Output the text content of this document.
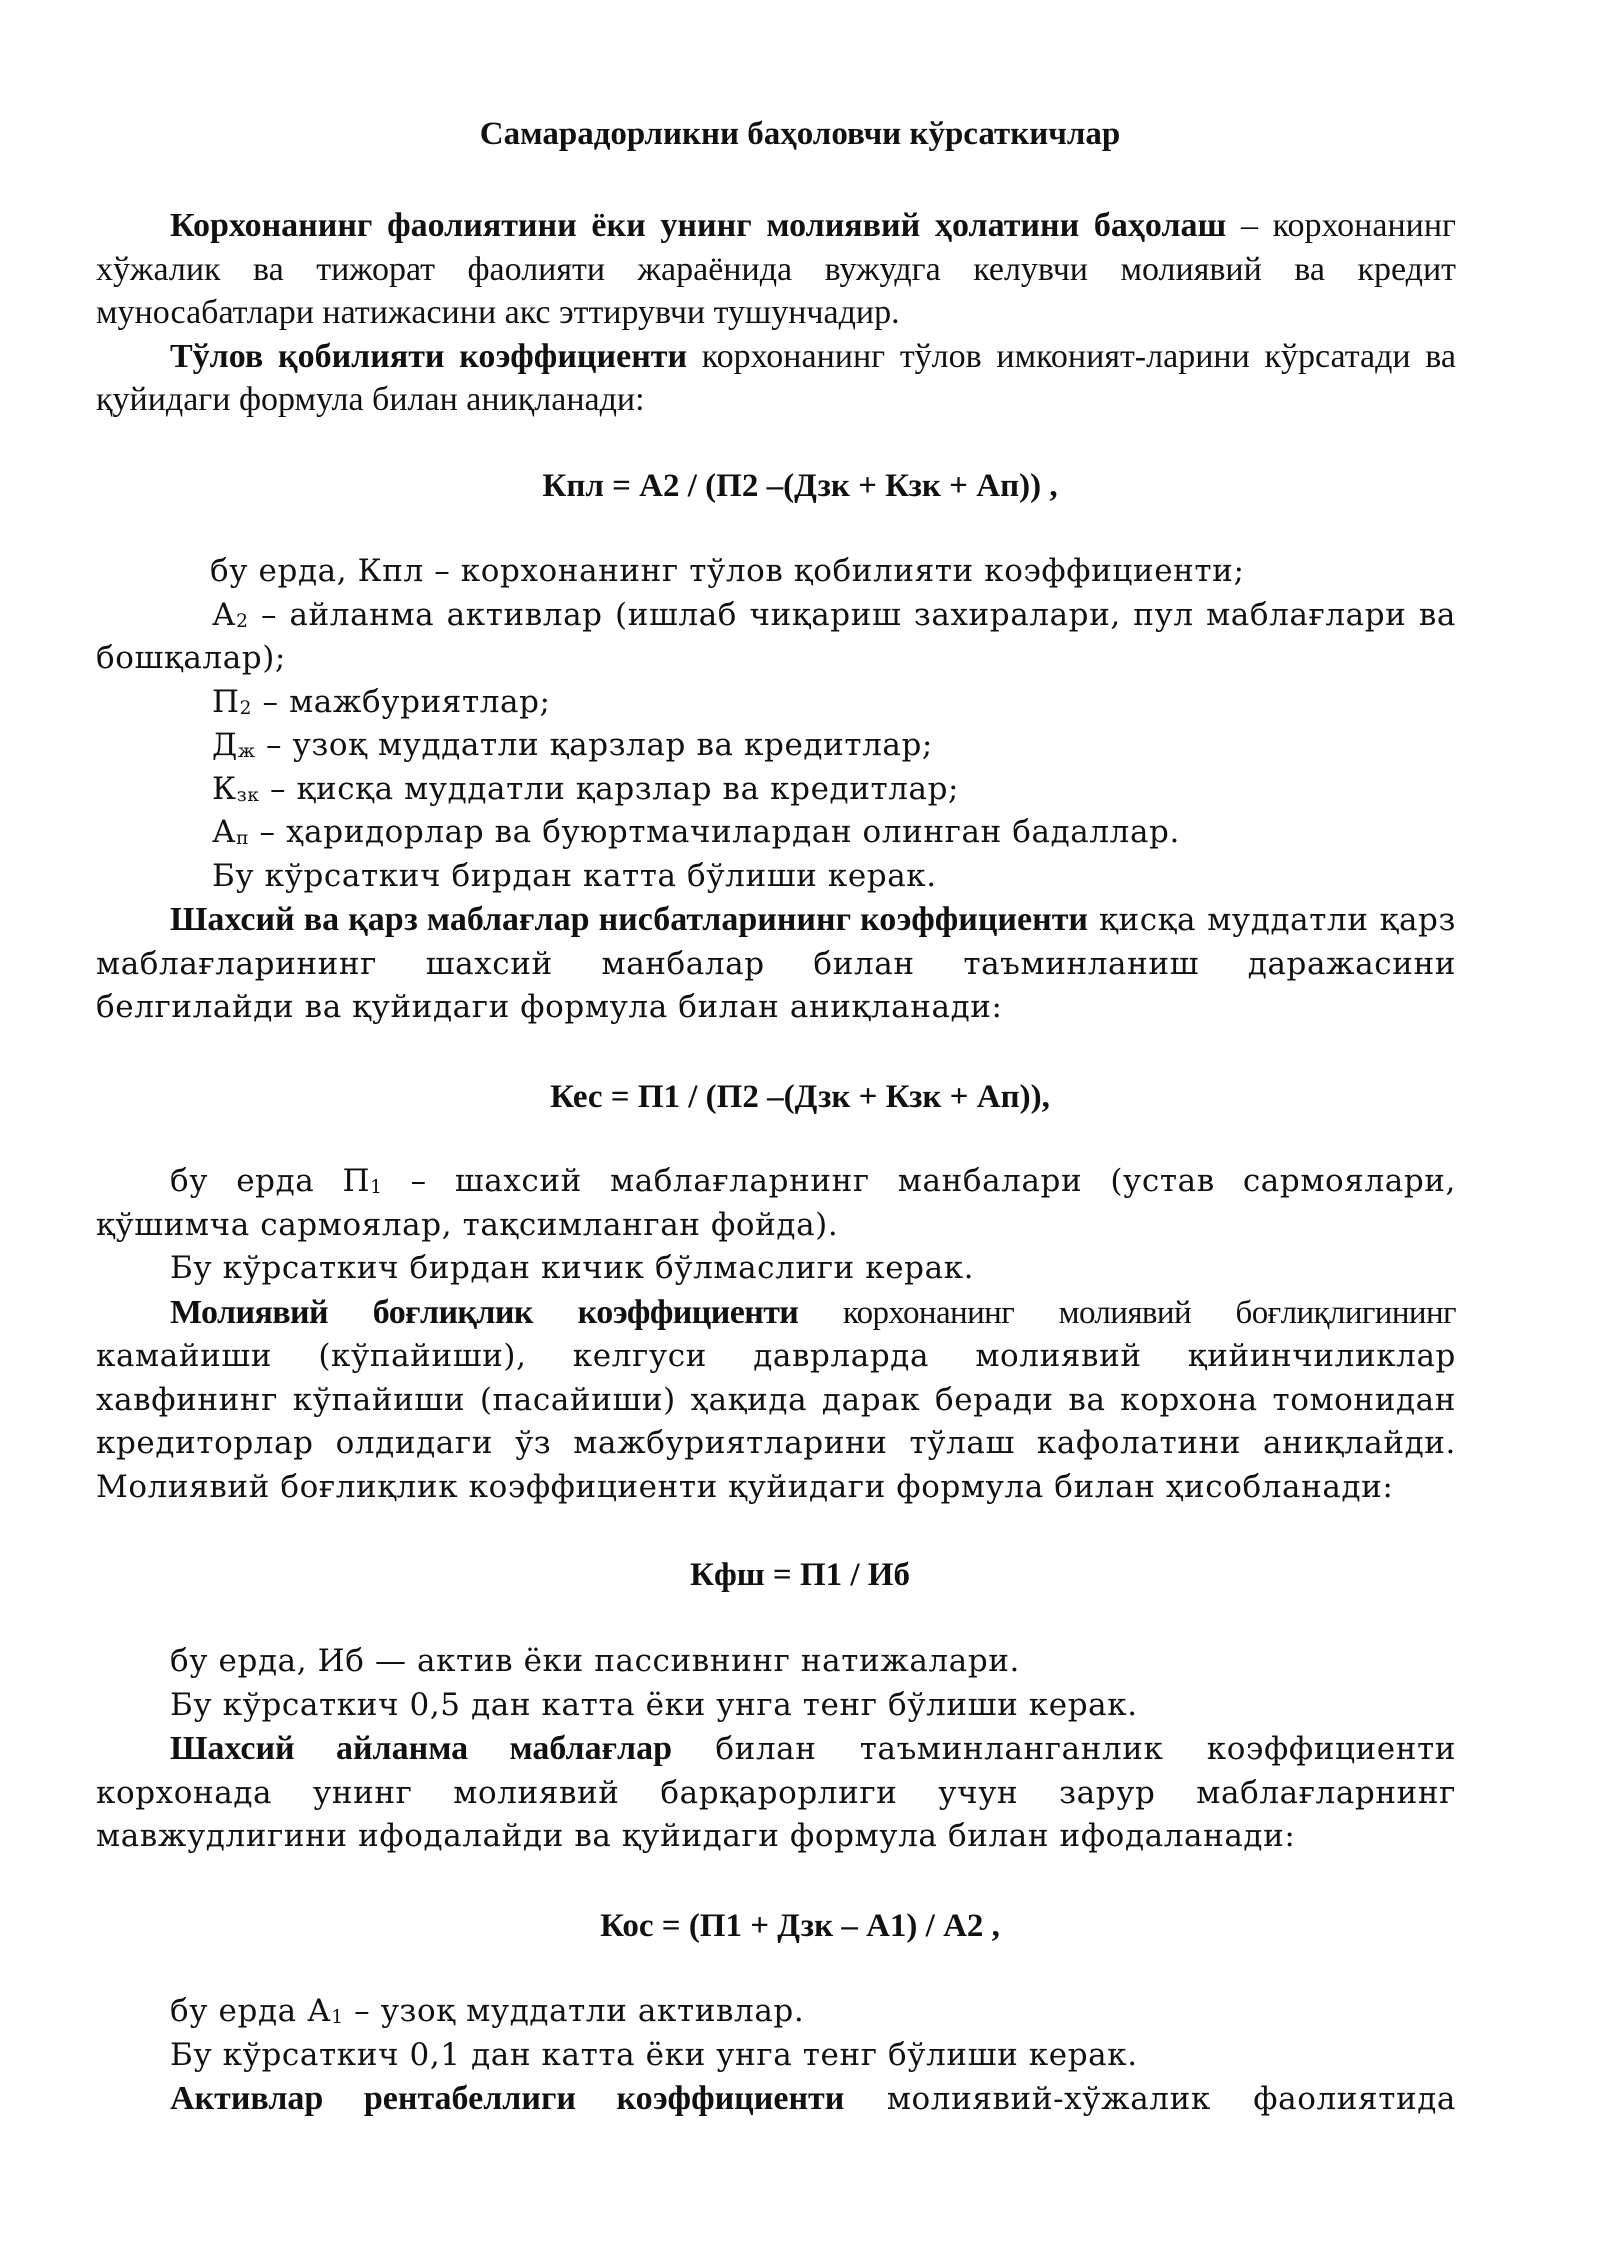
Самарадорликни баҳоловчи кўрсаткичлар

Корхонанинг фаолиятини ёки унинг молиявий ҳолатини баҳолаш – корхонанинг хўжалик ва тижорат фаолияти жараёнида вужудга келувчи молиявий ва кредит муносабатлари натижасини акс эттирувчи тушунчадир.

Тўлов қобилияти коэффициенти корхонанинг тўлов имконият-ларини кўрсатади ва қуйидаги формула билан аниқланади:

Кпл = А2 / (П2 –(Дзк + Кзк + Ап)) ,

бу ерда, Кпл – корхонанинг тўлов қобилияти коэффициенти;

$А_2$ – айланма активлар (ишлаб чиқариш захиралари, пул маблағлари ва бошқалар);

$П_2$ – мажбуриятлар;

$Д_ж$ – узоқ муддатли қарзлар ва кредитлар;

$К_{зк}$ – қисқа муддатли қарзлар ва кредитлар;

$А_п$ – ҳаридорлар ва буюртмачилардан олинган бадаллар.

Бу кўрсаткич бирдан катта бўлиши керак.

Шахсий ва қарз маблағлар нисбатларининг коэффициенти қисқа муддатли қарз маблағларининг шахсий манбалар билан таъминланиш даражасини белгилайди ва қуйидаги формула билан аниқланади:

Кес = П1 / (П2 –(Дзк + Кзк + Ап)),

бу ерда $П_1$ – шахсий маблағларнинг манбалари (устав сармоялари, қўшимча сармоялар, тақсимланган фойда).

Бу кўрсаткич бирдан кичик бўлмаслиги керак.

Молиявий боғлиқлик коэффициенти корхонанинг молиявий боғлиқлигининг камайиши (кўпайиши), келгуси даврларда молиявий қийинчиликлар хавфининг кўпайиши (пасайиши) ҳақида дарак беради ва корхона томонидан кредиторлар олдидаги ўз мажбуриятларини тўлаш кафолатини аниқлайди. Молиявий боғлиқлик коэффициенти қуйидаги формула билан ҳисобланади:

Кфш = П1 / Иб

бу ерда, Иб — актив ёки пассивнинг натижалари.

Бу кўрсаткич 0,5 дан катта ёки унга тенг бўлиши керак.

Шахсий айланма маблағлар билан таъминланганлик коэффициенти корхонада унинг молиявий барқарорлиги учун зарур маблағларнинг мавжудлигини ифодалайди ва қуйидаги формула билан ифодаланади:

Кос = (П1 + Дзк – А1) / А2 ,

бу ерда $А_1$ – узоқ муддатли активлар.

Бу кўрсаткич 0,1 дан катта ёки унга тенг бўлиши керак.

Активлар рентабеллиги коэффициенти молиявий-хўжалик фаолиятида
